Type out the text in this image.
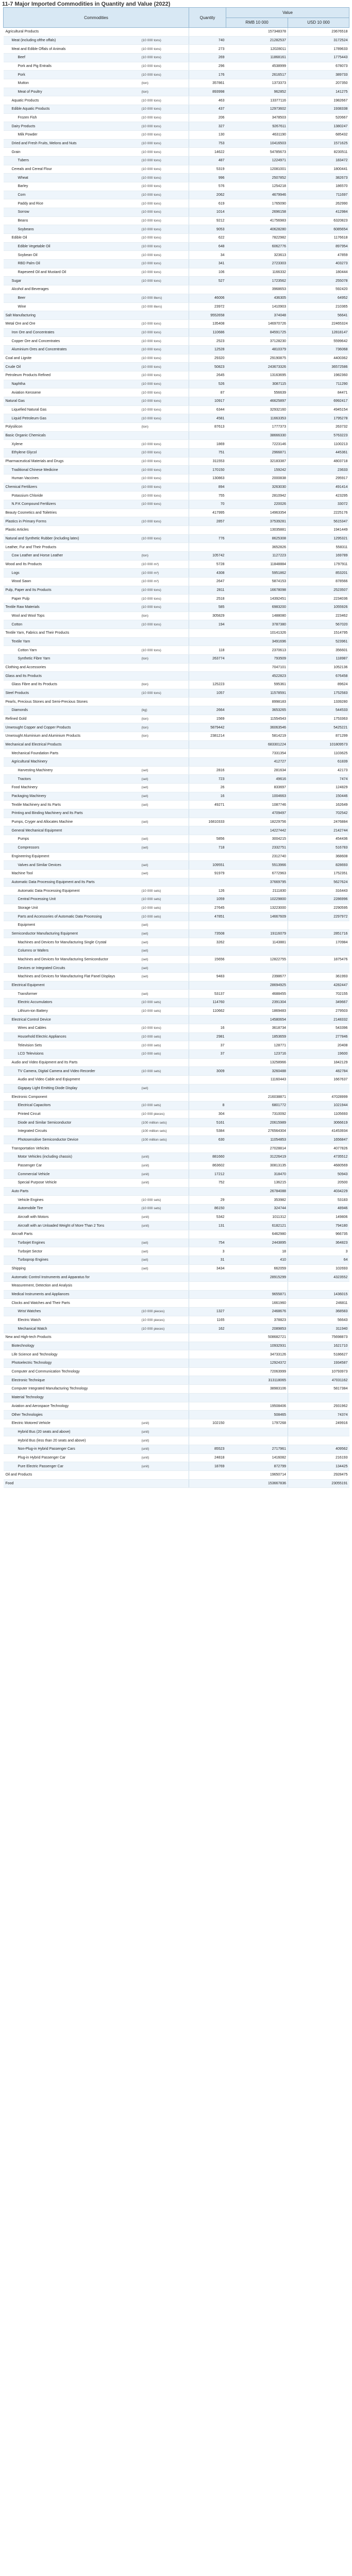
11-7 Major Imported Commodities in Quantity and Value (2022)
Commodities		Quantity	Value	
			RMB 10 000	USD 10 000
Agricultural Products			157348378	23676518
Meat (including ofthe offals)	(10 000 tons)	740	21282537	3172524
Meat and Edible Offals of Animals	(10 000 tons)	273	12028011	1789633
Beef	(10 000 tons)	269	11868161	1775443
Pork and Pig Entrails	(10 000 tons)	296	4538999	678073
Pork	(10 000 tons)	176	2616517	389733
Mutton	(ton)	357861	1373373	207350
Meat of Poultry	(ton)	893998	962852	141275
Aquatic Products	(10 000 tons)	463	13377116	1982667
Edible Aquatic Products	(10 000 tons)	437	12973602	1938338
Frozen Fish	(10 000 tons)	206	3478503	520667
Dairy Products	(10 000 tons)	327	9267611	1380247
Milk Powder	(10 000 tons)	130	4631190	685432
Dried and Fresh Fruits, Melons and Nuts	(10 000 tons)	753	10416503	1571625
Grain	(10 000 tons)	14622	54785673	8230511
Tubers	(10 000 tons)	487	1224971	183472
Cereals and Cereal Flour	(10 000 tons)	5319	12081001	1800441
Wheat	(10 000 tons)	996	2507852	382673
Barley	(10 000 tons)	576	1254218	186570
Corn	(10 000 tons)	2062	4679946	711697
Paddy and Rice	(10 000 tons)	619	1765090	262990
Sorrow	(10 000 tons)	1014	2696158	412984
Beans	(10 000 tons)	9212	41756983	6320823
Soybeans	(10 000 tons)	9053	40628280	6085654
Edible Oil	(10 000 tons)	622	7822982	1176618
Edible Vegetable Oil	(10 000 tons)	648	6062776	897954
Soybean Oil	(10 000 tons)	34	323613	47859
RBD Palm Oil	(10 000 tons)	341	2723303	403273
Rapeseed Oil and Mustard Oil	(10 000 tons)	106	1166332	180444
Sugar	(10 000 tons)	527	1723562	255078
Alcohol and Beverages			3968653	592420
Beer	(10 000 liters)	46006	436305	64952
Wine	(10 000 liters)	23972	1410903	210365
Salt Manufacturing		9552658	374048	56641
Metal Ore and Ore	(10 000 tons)	135408	146970726	22465324
Iron Ore and Concentrates	(10 000 tons)	110686	84591725	12818147
Copper Ore and Concentrates	(10 000 tons)	2523	37128230	5599642
Aluminium Ores and Concentrates	(10 000 tons)	12528	4810379	736068
Coal and Lignite	(10 000 tons)	29320	29190875	4400362
Crude Oil	(10 000 tons)	50823	243673326	36572586
Petroleum Products Refined	(10 000 tons)	2645	13163695	1982360
Naphtha	(10 000 tons)	526	3087115	711290
Aviation Kerosene	(10 000 tons)	87	556639	84471
Natural Gas	(10 000 tons)	10917	46625897	6992417
Liquefied Natural Gas	(10 000 tons)	6344	32932160	4945154
Liquid Petroleum Gas	(10 000 tons)	4581	11663353	1795278
Polysilicon	(ton)	87613	1777373	263732
Basic Organic Chemicals			38666330	5763223
Xylene	(10 000 tons)	1869	7223146	1100213
Ethylene Glycol	(10 000 tons)	751	2966871	445361
Pharmaceutical Materials and Drugs	(10 000 tons)	311553	32183387	4803718
Traditional Chinese Medicine	(10 000 tons)	170150	159242	23633
Human Vaccines	(10 000 tons)	130863	2000838	295917
Chemical Fertilizers	(10 000 tons)	894	3263030	491414
Potassium Chloride	(10 000 tons)	755	2810942	423295
N.P.K Compound Fertilizers	(10 000 tons)	70	220026	33072
Beauty Cosmetics and Toiletries		417995	14963354	2225176
Plastics in Primary Forms	(10 000 tons)	2857	37539281	5615347
Plastic Articles			13035881	1941449
Natural and Synthetic Rubber (including latex)	(10 000 tons)	776	8625308	1295321
Leather, Fur and Their Products			3652826	558311
Cow Leather and Horse Leather	(ton)	105742	1127223	169789
Wood and Its Products	(10 000 m³)	5728	11848884	1797911
Logs	(10 000 m³)	4308	5951862	853201
Wood Sawn	(10 000 m³)	2647	5874153	878566
Pulp, Paper and Its Products	(10 000 tons)	2811	16678098	2523507
Paper Pulp	(10 000 tons)	2518	14392451	2234036
Textile Raw Materials	(10 000 tons)	585	6983200	1055926
Wool and Wool Tops	(ton)	305829	1488080	223462
Cotton	(10 000 tons)	194	3787380	567020
Textile Yarn, Fabrics and Their Products			10141326	1514795
Textile Yarn			3491696	523961
Cotton Yarn	(10 000 tons)	118	2370613	356601
Synthetic Fibre Yarn	(ton)	263774	793509	118987
Clothing and Accessories			7047101	1052136
Glass and Its Products			4522823	676458
Glass Fibre and Its Products	(ton)	125223	595361	89624
Steel Products	(10 000 tons)	1057	11578591	1752583
Pearls, Precious Stones and Semi-Precious Stones			8998183	1339280
Diamonds	(kg)	2664	3653265	544533
Refined Gold	(ton)	1569	11554543	1753363
Unwrought Copper and Copper Products	(ton)	5879442	36063546	5425221
Unwrought Aluminium and Aluminium Products	(ton)	2381214	5814219	871299
Mechanical and Electrical Products			683301224	101809573
Mechanical Foundation Parts			7331354	1103625
Agricultural Machinery			412727	61839
Harvesting Machinery	(set)	2816	281634	42173
Tractors	(set)	723	49616	7474
Food Machinery	(set)	26	833697	124829
Packaging Machinery	(set)	16	1004663	150446
Textile Machinery and Its Parts	(set)	49271	1087746	162649
Printing and Binding Machinery and Its Parts			4709497	702542
Pumps, Cryger and Allocates Machine	(set)	16810333	18229756	2476884
General Mechanical Equipment			14227442	2142744
Pumps	(set)	5856	3004215	454436
Compressors	(set)	718	2332751	516783
Engineering Equipment			2312740	368608
Valves and Similar Devices	(set)	109551	5513966	828693
Machine Tool	(set)	91979	6772963	1752351
Automatic Data Processing Equipment and Its Parts			37669795	5627624
Automatic Data Processing Equipment	(10 000 sets)	126	2111830	316443
Central Processing Unit	(10 000 sets)	1059	10229800	2286996
Storage Unit	(10 000 sets)	27645	13223000	2290595
Parts and Accessories of Automatic Data Processing	(10 000 sets)	47851	14667609	2297972
Equipment	(set)			
Semiconductor Manufacturing Equipment	(set)	73508	19116079	2851716
Machines and Devices for Manufacturing Single Crystal	(set)	3262	1143881	170984
Columns or Wafers	(set)			
Machines and Devices for Manufacturing Semiconductor	(set)	15656	12822755	1875476
Devices or Integrated Circuits	(set)			
Machines and Devices for Manufacturing Flat Panel Displays	(set)	9483	2398677	361993
Electrical Equipment			28694925	4282447
Transformer	(set)	53137	4688455	702155
Electric Accumulators	(10 000 sets)	114760	2391304	349667
Lithium-ion Battery	(10 000 sets)	110662	1869483	279503
Electrical Control Device			14580654	2148332
Wires and Cables	(10 000 tons)	16	3618734	543396
Household Electric Appliances	(10 000 sets)	2981	1853659	277846
Television Sets	(10 000 sets)	37	128771	20408
LCD Televisions	(10 000 sets)	37	123716	19600
Audio and Video Equipment and Its Parts			13258966	1842129
TV Camera, Digital Camera and Video Recorder	(10 000 sets)	3009	3260488	482784
Audio and Video Cable and Eqiupment			11160443	1667637
Gigapay Light Emitting Diode Display	(set)			
Electronic Component			216038871	47028999
Electrical Capacitors	(10 000 sets)	8	6801772	1021944
Printed Circuit	(10 000 pieces)	304	7310092	1105693
Diode and Similar Semiconductor	(100 million sets)	5161	20615989	3066619
Integrated Circuits	(100 million sets)	5384	276564304	41453934
Photosensitive Semiconductor Device	(100 million sets)	630	11054853	1656847
Transportation Vehicles			27028814	4077826
Motor Vehicles (including chassis)	(unit)	881660	31226419	4735512
Passenger Car	(unit)	863602	30813135	4680569
Commercial Vehicle	(unit)	17212	318470	50943
Special Purpose Vehicle	(unit)	752	136215	20500
Auto Parts			26784088	4034229
Vehicle Engines	(10 000 sets)	29	353982	53183
Automobile Tire	(10 000 sets)	86150	324744	48946
Aircraft with Motors	(unit)	5342	1011312	149806
Aircraft with an Unloaded Weight of More Than 2 Tons	(unit)	131	6182121	794180
Aircraft Parts			6462980	966735
Turbojet Engines	(set)	754	2443895	364823
Turbojet Sector	(set)	3	18	3
Turboprop Engines	(set)	31	410	64
Shipping	(set)	3434	662059	102693
Automatic Control Instruments and Apparatus for			28915299	4323552
Measurement, Detection and Analysis				
Medical Instruments and Appliances			9655871	1436015
Clocks and Watches and Their Parts			1661960	246811
Wrist Watches	(10 000 pieces)	1327	2468676	368583
Electric Watch	(10 000 pieces)	1165	378823	56643
Mechanical Watch	(10 000 pieces)	162	2089853	311940
New and High-tech Products			508682721	75698873
Biotechnology			10932931	1621710
Life Science and Technology			34733126	5186627
Photoelectric Technology			12924372	1934587
Computer and Communication Technology			72063999	10793973
Electronic Technique			313118065	47031162
Computer Integrated Manufacturing Technology			38983106	5817384
Material Technology				
Aviation and Aerospace Technology			19508406	2931962
Other Technologies			508465	74374
Electric Motored Vehicle	(unit)	102150	1797268	249916
Hybrid Bus (20 seats and above)	(unit)			
Hybrid Bus (less than 20 seats and above)	(unit)			
Non-Plug-in Hybrid Passenger Cars	(unit)	85523	2717961	409562
Plug-in Hybrid Passenger Car	(unit)	24818	1416082	216193
Pure Electric Passenger Car	(unit)	18769	872799	134425
Oil and Products			19650714	2928475
Food			153667836	23055191
